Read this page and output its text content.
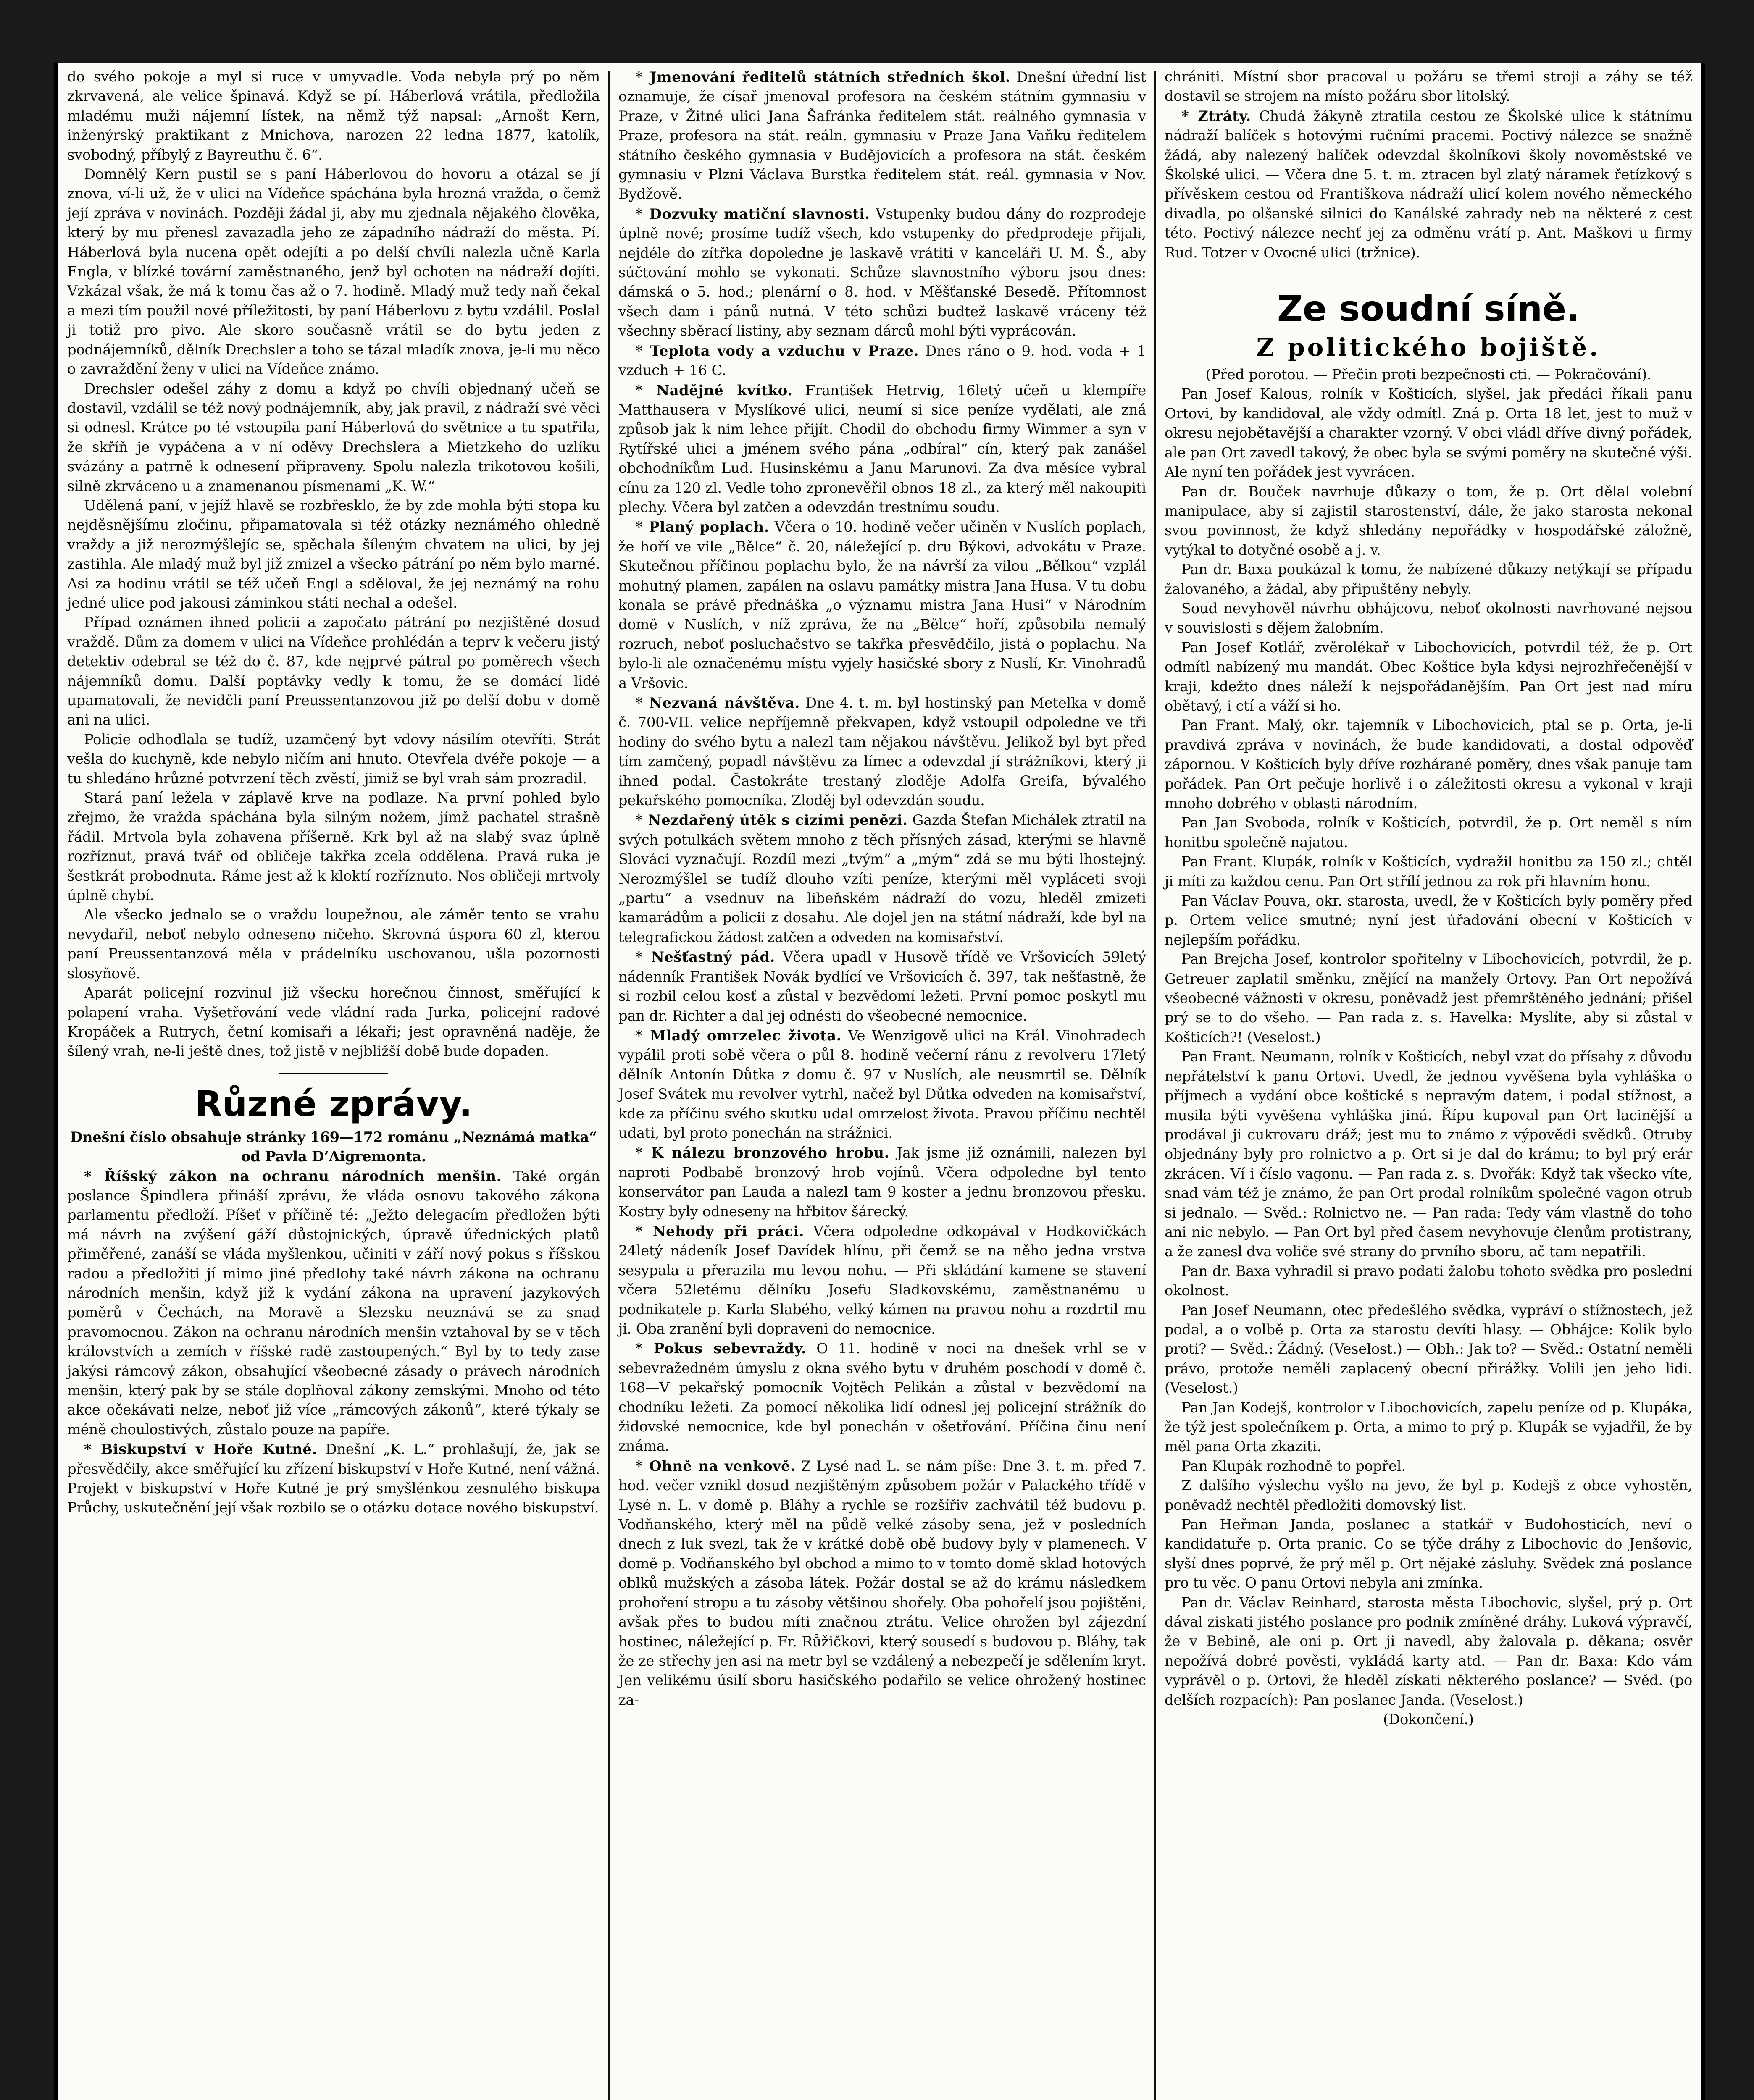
do svého pokoje a myl si ruce v umyvadle. Voda nebyla prý po něm zkrvavená, ale velice špinavá. Když se pí. Háberlová vrátila, předložila mladému muži nájemní lístek, na němž týž napsal: „Arnošt Kern, inženýrský praktikant z Mnichova, narozen 22 ledna 1877, katolík, svobodný, příbylý z Bayreuthu č. 6“.

Domnělý Kern pustil se s paní Háberlovou do hovoru a otázal se jí znova, ví-li už, že v ulici na Vídeňce spáchána byla hrozná vražda, o čemž její zpráva v novinách. Později žádal ji, aby mu zjednala nějakého člověka, který by mu přenesl zavazadla jeho ze západního nádraží do města. Pí. Háberlová byla nucena opět odejíti a po delší chvíli nalezla učně Karla Engla, v blízké tovární zaměstnaného, jenž byl ochoten na nádraží dojíti. Vzkázal však, že má k tomu čas až o 7. hodině. Mladý muž tedy naň čekal a mezi tím použil nové příležitosti, by paní Háberlovu z bytu vzdálil. Poslal ji totiž pro pivo. Ale skoro současně vrátil se do bytu jeden z podnájemníků, dělník Drechsler a toho se tázal mladík znova, je-li mu něco o zavraždění ženy v ulici na Vídeňce známo.

Drechsler odešel záhy z domu a když po chvíli objednaný učeň se dostavil, vzdálil se též nový podnájemník, aby, jak pravil, z nádraží své věci si odnesl. Krátce po té vstoupila paní Háberlová do světnice a tu spatřila, že skříň je vypáčena a v ní oděvy Drechslera a Mietzkeho do uzlíku svázány a patrně k odnesení připraveny. Spolu nalezla trikotovou košili, silně zkrváceno u a znamenanou písmenami „K. W.“

Udělená paní, v jejíž hlavě se rozbřesklo, že by zde mohla býti stopa ku nejděsnějšímu zločinu, připamatovala si též otázky neznámého ohledně vraždy a již nerozmýšlejíc se, spěchala šíleným chvatem na ulici, by jej zastihla. Ale mladý muž byl již zmizel a všecko pátrání po něm bylo marné. Asi za hodinu vrátil se též učeň Engl a sděloval, že jej neznámý na rohu jedné ulice pod jakousi záminkou státi nechal a odešel.

Případ oznámen ihned policii a započato pátrání po nezjištěné dosud vraždě. Dům za domem v ulici na Vídeňce prohlédán a teprv k večeru jistý detektiv odebral se též do č. 87, kde nejprvé pátral po poměrech všech nájemníků domu. Další poptávky vedly k tomu, že se domácí lidé upamatovali, že nevidčli paní Preussentanzovou již po delší dobu v domě ani na ulici.

Policie odhodlala se tudíž, uzamčený byt vdovy násilím otevříti. Strát vešla do kuchyně, kde nebylo ničím ani hnuto. Otevřela dvéře pokoje — a tu shledáno hrůzné potvrzení těch zvěstí, jimiž se byl vrah sám prozradil.

Stará paní ležela v záplavě krve na podlaze. Na první pohled bylo zřejmo, že vražda spáchána byla silným nožem, jímž pachatel strašně řádil. Mrtvola byla zohavena příšerně. Krk byl až na slabý svaz úplně rozříznut, pravá tvář od obličeje takřka zcela oddělena. Pravá ruka je šestkrát probodnuta. Ráme jest až k kloktí rozříznuto. Nos obličeji mrtvoly úplně chybí.

Ale všecko jednalo se o vraždu loupežnou, ale záměr tento se vrahu nevydařil, neboť nebylo odneseno ničeho. Skrovná úspora 60 zl, kterou paní Preussentanzová měla v prádelníku uschovanou, ušla pozornosti slosyňově.

Aparát policejní rozvinul již všecku horečnou činnost, směřující k polapení vraha. Vyšetřování vede vládní rada Jurka, policejní radové Kropáček a Rutrych, četní komisaři a lékaři; jest opravněná naděje, že šílený vrah, ne-li ještě dnes, tož jistě v nejbližší době bude dopaden.

Různé zprávy.

Dnešní číslo obsahuje stránky 169—172 románu „Neznámá matka“ od Pavla D’Aigremonta.

* Říšský zákon na ochranu národních menšin. Také orgán poslance Špindlera přináší zprávu, že vláda osnovu takového zákona parlamentu předloží. Píšeť v příčině té: „Ježto delegacím předložen býti má návrh na zvýšení gáží důstojnických, úpravě úřednických platů přiměřené, zanáší se vláda myšlenkou, učiniti v září nový pokus s říšskou radou a předložiti jí mimo jiné předlohy také návrh zákona na ochranu národních menšin, když již k vydání zákona na upravení jazykových poměrů v Čechách, na Moravě a Slezsku neuznává se za snad pravomocnou. Zákon na ochranu národních menšin vztahoval by se v těch královstvích a zemích v říšské radě zastoupených.“ Byl by to tedy zase jakýsi rámcový zákon, obsahující všeobecné zásady o právech národních menšin, který pak by se stále doplňoval zákony zemskými. Mnoho od této akce očekávati nelze, neboť již více „rámcových zákonů“, které týkaly se méně choulostivých, zůstalo pouze na papíře.

* Biskupství v Hoře Kutné. Dnešní „K. L.“ prohlašují, že, jak se přesvědčily, akce směřující ku zřízení biskupství v Hoře Kutné, není vážná. Projekt v biskupství v Hoře Kutné je prý smyšlénkou zesnulého biskupa Průchy, uskutečnění její však rozbilo se o otázku dotace nového biskupství.

* Jmenování ředitelů státních středních škol. Dnešní úřední list oznamuje, že císař jmenoval profesora na českém státním gymnasiu v Praze, v Žitné ulici Jana Šafránka ředitelem stát. reálného gymnasia v Praze, profesora na stát. reáln. gymnasiu v Praze Jana Vaňku ředitelem státního českého gymnasia v Budějovicích a profesora na stát. českém gymnasiu v Plzni Václava Burstka ředitelem stát. reál. gymnasia v Nov. Bydžově.

* Dozvuky matiční slavnosti. Vstupenky budou dány do rozprodeje úplně nové; prosíme tudíž všech, kdo vstupenky do předprodeje přijali, nejdéle do zítřka dopoledne je laskavě vrátiti v kanceláři U. M. Š., aby súčtování mohlo se vykonati. Schůze slavnostního výboru jsou dnes: dámská o 5. hod.; plenární o 8. hod. v Měšťanské Besedě. Přítomnost všech dam i pánů nutná. V této schůzi budtež laskavě vráceny též všechny sběrací listiny, aby seznam dárců mohl býti vyprácován.

* Teplota vody a vzduchu v Praze. Dnes ráno o 9. hod. voda + 1 vzduch + 16 C.

* Nadějné kvítko. František Hetrvig, 16letý učeň u klempíře Matthausera v Myslíkové ulici, neumí si sice peníze vydělati, ale zná způsob jak k nim lehce přijít. Chodil do obchodu firmy Wimmer a syn v Rytířské ulici a jménem svého pána „odbíral“ cín, který pak zanášel obchodníkům Lud. Husinskému a Janu Marunovi. Za dva měsíce vybral cínu za 120 zl. Vedle toho zpronevěřil obnos 18 zl., za který měl nakoupiti plechy. Včera byl zatčen a odevzdán trestnímu soudu.

* Planý poplach. Včera o 10. hodině večer učiněn v Nuslích poplach, že hoří ve vile „Bělce“ č. 20, náležející p. dru Býkovi, advokátu v Praze. Skutečnou příčinou poplachu bylo, že na návrší za vilou „Bělkou“ vzplál mohutný plamen, zapálen na oslavu památky mistra Jana Husa. V tu dobu konala se právě přednáška „o významu mistra Jana Husi“ v Národním domě v Nuslích, v níž zpráva, že na „Bělce“ hoří, způsobila nemalý rozruch, neboť posluchačstvo se takřka přesvědčilo, jistá o poplachu. Na bylo-li ale označenému místu vyjely hasičské sbory z Nuslí, Kr. Vinohradů a Vršovic.

* Nezvaná návštěva. Dne 4. t. m. byl hostinský pan Metelka v domě č. 700-VII. velice nepříjemně překvapen, když vstoupil odpoledne ve tři hodiny do svého bytu a nalezl tam nějakou návštěvu. Jelikož byl byt před tím zamčený, popadl návštěvu za límec a odevzdal jí strážníkovi, který ji ihned podal. Častokráte trestaný zloděje Adolfa Greifa, bývalého pekařského pomocníka. Zloděj byl odevzdán soudu.

* Nezdařený útěk s cizími penězi. Gazda Štefan Michálek ztratil na svých potulkách světem mnoho z těch přísných zásad, kterými se hlavně Slováci vyznačují. Rozdíl mezi „tvým“ a „mým“ zdá se mu býti lhostejný. Nerozmýšlel se tudíž dlouho vzíti peníze, kterými měl vypláceti svoji „partu“ a vsednuv na libeňském nádraží do vozu, hleděl zmizeti kamarádům a policii z dosahu. Ale dojel jen na státní nádraží, kde byl na telegrafickou žádost zatčen a odveden na komisařství.

* Nešťastný pád. Včera upadl v Husově třídě ve Vršovicích 59letý nádenník František Novák bydlící ve Vršovicích č. 397, tak nešťastně, že si rozbil celou kosť a zůstal v bezvědomí ležeti. První pomoc poskytl mu pan dr. Richter a dal jej odnésti do všeobecné nemocnice.

* Mladý omrzelec života. Ve Wenzigově ulici na Král. Vinohradech vypálil proti sobě včera o půl 8. hodině večerní ránu z revolveru 17letý dělník Antonín Důtka z domu č. 97 v Nuslích, ale neusmrtil se. Dělník Josef Svátek mu revolver vytrhl, načež byl Důtka odveden na komisařství, kde za příčinu svého skutku udal omrzelost života. Pravou příčinu nechtěl udati, byl proto ponechán na strážnici.

* K nálezu bronzového hrobu. Jak jsme již oznámili, nalezen byl naproti Podbabě bronzový hrob vojínů. Včera odpoledne byl tento konservátor pan Lauda a nalezl tam 9 koster a jednu bronzovou přesku. Kostry byly odneseny na hřbitov šárecký.

* Nehody při práci. Včera odpoledne odkopával v Hodkovičkách 24letý nádeník Josef Davídek hlínu, při čemž se na něho jedna vrstva sesypala a přerazila mu levou nohu. — Při skládání kamene se stavení včera 52letému dělníku Josefu Sladkovskému, zaměstnanému u podnikatele p. Karla Slabého, velký kámen na pravou nohu a rozdrtil mu ji. Oba zranění byli dopraveni do nemocnice.

* Pokus sebevraždy. O 11. hodině v noci na dnešek vrhl se v sebevražedném úmyslu z okna svého bytu v druhém poschodí v domě č. 168—V pekařský pomocník Vojtěch Pelikán a zůstal v bezvědomí na chodníku ležeti. Za pomocí několika lidí odnesl jej policejní strážník do židovské nemocnice, kde byl ponechán v ošetřování. Příčina činu není známa.

* Ohně na venkově. Z Lysé nad L. se nám píše: Dne 3. t. m. před 7. hod. večer vznikl dosud nezjištěným způsobem požár v Palackého třídě v Lysé n. L. v domě p. Bláhy a rychle se rozšířiv zachvátil též budovu p. Vodňanského, který měl na půdě velké zásoby sena, jež v posledních dnech z luk svezl, tak že v krátké době obě budovy byly v plamenech. V domě p. Vodňanského byl obchod a mimo to v tomto domě sklad hotových oblků mužských a zásoba látek. Požár dostal se až do krámu následkem prohoření stropu a tu zásoby většinou shořely. Oba pohořelí jsou pojištěni, avšak přes to budou míti značnou ztrátu. Velice ohrožen byl zájezdní hostinec, náležející p. Fr. Růžičkovi, který sousedí s budovou p. Bláhy, tak že ze střechy jen asi na metr byl se vzdálený a nebezpečí je sdělením kryt. Jen velikému úsilí sboru hasičského podařilo se velice ohrožený hostinec za-

chrániti. Místní sbor pracoval u požáru se třemi stroji a záhy se též dostavil se strojem na místo požáru sbor litolský.

* Ztráty. Chudá žákyně ztratila cestou ze Školské ulice k státnímu nádraží balíček s hotovými ručními pracemi. Poctivý nálezce se snažně žádá, aby nalezený balíček odevzdal školníkovi školy novoměstské ve Školské ulici. — Včera dne 5. t. m. ztracen byl zlatý náramek řetízkový s přívěskem cestou od Františkova nádraží ulicí kolem nového německého divadla, po olšanské silnici do Kanálské zahrady neb na některé z cest této. Poctivý nálezce nechť jej za odměnu vrátí p. Ant. Maškovi u firmy Rud. Totzer v Ovocné ulici (tržnice).

Ze soudní síně.
Z politického bojiště.

(Před porotou. — Přečin proti bezpečnosti cti. — Pokračování).

Pan Josef Kalous, rolník v Košticích, slyšel, jak předáci říkali panu Ortovi, by kandidoval, ale vždy odmítl. Zná p. Orta 18 let, jest to muž v okresu nejobětavější a charakter vzorný. V obci vládl dříve divný pořádek, ale pan Ort zavedl takový, že obec byla se svými poměry na skutečné výši. Ale nyní ten pořádek jest vyvrácen.

Pan dr. Bouček navrhuje důkazy o tom, že p. Ort dělal volební manipulace, aby si zajistil starostenství, dále, že jako starosta nekonal svou povinnost, že když shledány nepořádky v hospodářské záložně, vytýkal to dotyčné osobě a j. v.

Pan dr. Baxa poukázal k tomu, že nabízené důkazy netýkají se případu žalovaného, a žádal, aby připuštěny nebyly.

Soud nevyhověl návrhu obhájcovu, neboť okolnosti navrhované nejsou v souvislosti s dějem žalobním.

Pan Josef Kotlář, zvěrolékař v Libochovicích, potvrdil též, že p. Ort odmítl nabízený mu mandát. Obec Koštice byla kdysi nejrozhřečenější v kraji, kdežto dnes náleží k nejspořádanějším. Pan Ort jest nad míru obětavý, i ctí a váží si ho.

Pan Frant. Malý, okr. tajemník v Libochovicích, ptal se p. Orta, je-li pravdivá zpráva v novinách, že bude kandidovati, a dostal odpověď zápornou. V Košticích byly dříve rozhárané poměry, dnes však panuje tam pořádek. Pan Ort pečuje horlivě i o záležitosti okresu a vykonal v kraji mnoho dobrého v oblasti národním.

Pan Jan Svoboda, rolník v Košticích, potvrdil, že p. Ort neměl s ním honitbu společně najatou.

Pan Frant. Klupák, rolník v Košticích, vydražil honitbu za 150 zl.; chtěl ji míti za každou cenu. Pan Ort střílí jednou za rok při hlavním honu.

Pan Václav Pouva, okr. starosta, uvedl, že v Košticích byly poměry před p. Ortem velice smutné; nyní jest úřadování obecní v Košticích v nejlepším pořádku.

Pan Brejcha Josef, kontrolor spořitelny v Libochovicích, potvrdil, že p. Getreuer zaplatil směnku, znějící na manžely Ortovy. Pan Ort nepožívá všeobecné vážnosti v okresu, poněvadž jest přemrštěného jednání; přišel prý se to do všeho. — Pan rada z. s. Havelka: Myslíte, aby si zůstal v Košticích?! (Veselost.)

Pan Frant. Neumann, rolník v Košticích, nebyl vzat do přísahy z důvodu nepřátelství k panu Ortovi. Uvedl, že jednou vyvěšena byla vyhláška o příjmech a vydání obce koštické s nepravým datem, i podal stížnost, a musila býti vyvěšena vyhláška jiná. Řípu kupoval pan Ort lacinější a prodával ji cukrovaru dráž; jest mu to známo z výpovědi svědků. Otruby objednány byly pro rolnictvo a p. Ort si je dal do krámu; to byl prý erár zkrácen. Ví i číslo vagonu. — Pan rada z. s. Dvořák: Když tak všecko víte, snad vám též je známo, že pan Ort prodal rolníkům společné vagon otrub si jednalo. — Svěd.: Rolnictvo ne. — Pan rada: Tedy vám vlastně do toho ani nic nebylo. — Pan Ort byl před časem nevyhovuje členům protistrany, a že zanesl dva voliče své strany do prvního sboru, ač tam nepatřili.

Pan dr. Baxa vyhradil si pravo podati žalobu tohoto svědka pro poslední okolnost.

Pan Josef Neumann, otec předešlého svědka, vypráví o stížnostech, jež podal, a o volbě p. Orta za starostu devíti hlasy. — Obhájce: Kolik bylo proti? — Svěd.: Žádný. (Veselost.) — Obh.: Jak to? — Svěd.: Ostatní neměli právo, protože neměli zaplacený obecní přirážky. Volili jen jeho lidi. (Veselost.)

Pan Jan Kodejš, kontrolor v Libochovicích, zapelu peníze od p. Klupáka, že týž jest společníkem p. Orta, a mimo to prý p. Klupák se vyjadřil, že by měl pana Orta zkaziti.

Pan Klupák rozhodně to popřel.

Z dalšího výslechu vyšlo na jevo, že byl p. Kodejš z obce vyhostěn, poněvadž nechtěl předložiti domovský list.

Pan Heřman Janda, poslanec a statkář v Budohosticích, neví o kandidatuře p. Orta pranic. Co se týče dráhy z Libochovic do Jenšovic, slyší dnes poprvé, že prý měl p. Ort nějaké zásluhy. Svědek zná poslance pro tu věc. O panu Ortovi nebyla ani zmínka.

Pan dr. Václav Reinhard, starosta města Libochovic, slyšel, prý p. Ort dával ziskati jistého poslance pro podnik zmíněné dráhy. Luková výpravčí, že v Bebině, ale oni p. Ort ji navedl, aby žalovala p. děkana; osvěr nepožívá dobré pověsti, vykládá karty atd. — Pan dr. Baxa: Kdo vám vyprávěl o p. Ortovi, že hleděl získati některého poslance? — Svěd. (po delších rozpacích): Pan poslanec Janda. (Veselost.)

(Dokončení.)
